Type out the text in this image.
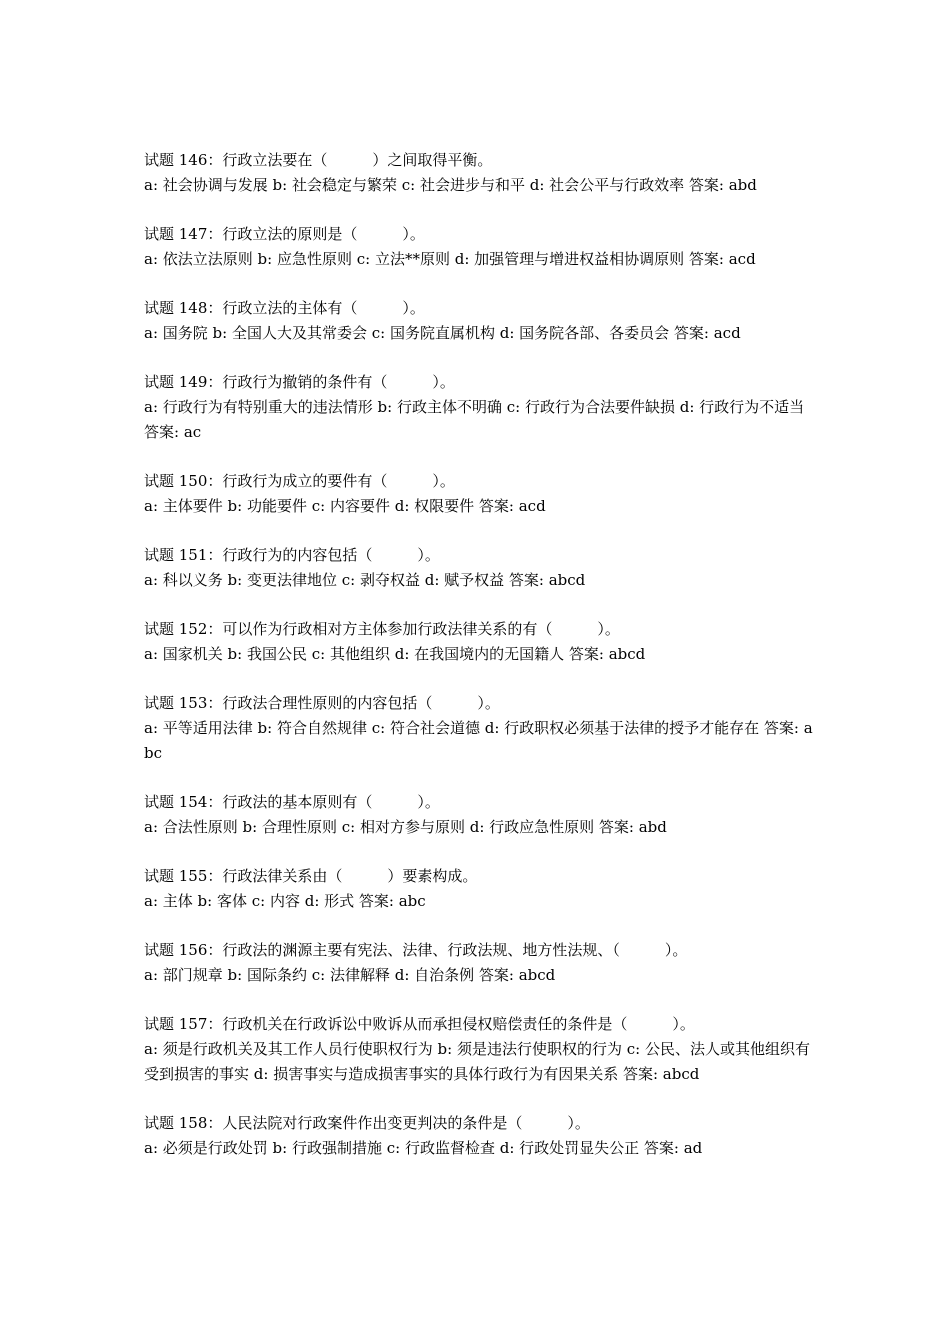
试题 146：行政立法要在（　　　）之间取得平衡。

a: 社会协调与发展 b: 社会稳定与繁荣 c: 社会进步与和平 d: 社会公平与行政效率 答案: abd

试题 147：行政立法的原则是（　　　）。

a: 依法立法原则 b: 应急性原则 c: 立法**原则 d: 加强管理与增进权益相协调原则 答案: acd

试题 148：行政立法的主体有（　　　）。

a: 国务院 b: 全国人大及其常委会 c: 国务院直属机构 d: 国务院各部、各委员会 答案: acd

试题 149：行政行为撤销的条件有（　　　）。

a: 行政行为有特别重大的违法情形 b: 行政主体不明确 c: 行政行为合法要件缺损 d: 行政行为不适当 答案: ac

试题 150：行政行为成立的要件有（　　　）。

a: 主体要件 b: 功能要件 c: 内容要件 d: 权限要件 答案: acd

试题 151：行政行为的内容包括（　　　）。

a: 科以义务 b: 变更法律地位 c: 剥夺权益 d: 赋予权益 答案: abcd

试题 152：可以作为行政相对方主体参加行政法律关系的有（　　　）。

a: 国家机关 b: 我国公民 c: 其他组织 d: 在我国境内的无国籍人 答案: abcd

试题 153：行政法合理性原则的内容包括（　　　）。

a: 平等适用法律 b: 符合自然规律 c: 符合社会道德 d: 行政职权必须基于法律的授予才能存在 答案: abc

试题 154：行政法的基本原则有（　　　）。

a: 合法性原则 b: 合理性原则 c: 相对方参与原则 d: 行政应急性原则 答案: abd

试题 155：行政法律关系由（　　　）要素构成。

a: 主体 b: 客体 c: 内容 d: 形式 答案: abc

试题 156：行政法的渊源主要有宪法、法律、行政法规、地方性法规、（　　　）。

a: 部门规章 b: 国际条约 c: 法律解释 d: 自治条例 答案: abcd

试题 157：行政机关在行政诉讼中败诉从而承担侵权赔偿责任的条件是（　　　）。

a: 须是行政机关及其工作人员行使职权行为 b: 须是违法行使职权的行为 c: 公民、法人或其他组织有受到损害的事实 d: 损害事实与造成损害事实的具体行政行为有因果关系 答案: abcd

试题 158：人民法院对行政案件作出变更判决的条件是（　　　）。

a: 必须是行政处罚 b: 行政强制措施 c: 行政监督检查 d: 行政处罚显失公正 答案: ad
